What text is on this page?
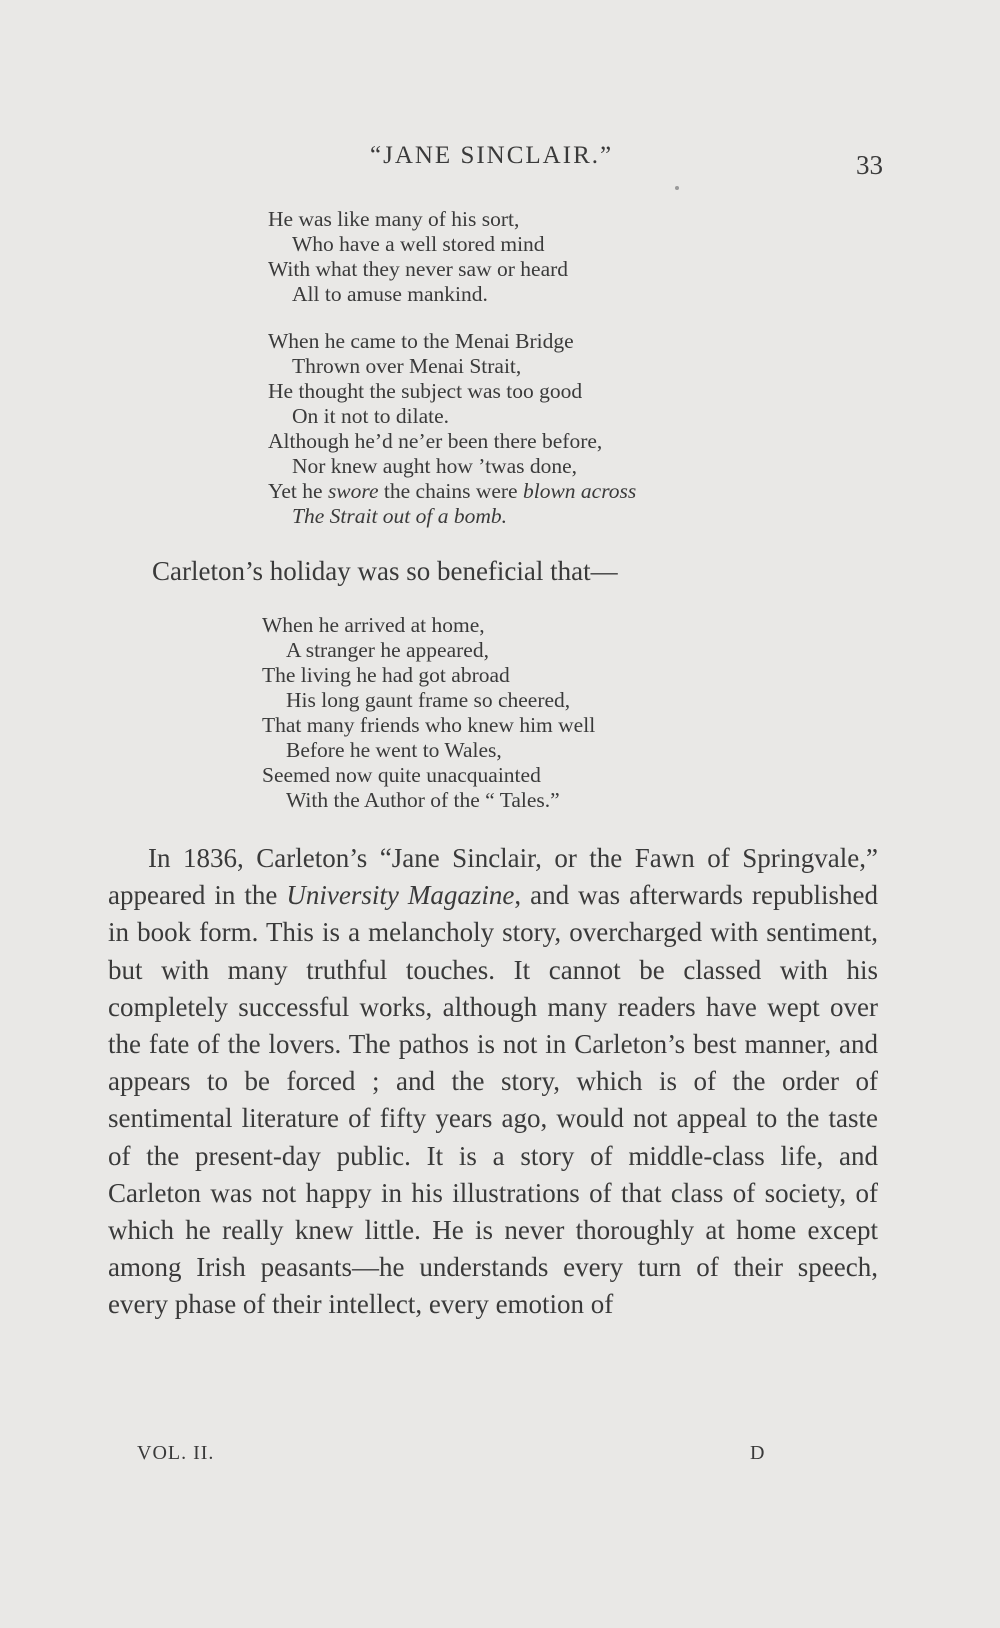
“JANE SINCLAIR.”	33
He was like many of his sort,
Who have a well stored mind
With what they never saw or heard
All to amuse mankind.
When he came to the Menai Bridge
Thrown over Menai Strait,
He thought the subject was too good
On it not to dilate.
Although he’d ne’er been there before,
Nor knew aught how ’twas done,
Yet he swore the chains were blown across
The Strait out of a bomb.
Carleton’s holiday was so beneficial that—
When he arrived at home,
A stranger he appeared,
The living he had got abroad
His long gaunt frame so cheered,
That many friends who knew him well
Before he went to Wales,
Seemed now quite unacquainted
With the Author of the “ Tales.”

In 1836, Carleton’s “Jane Sinclair, or the Fawn of Springvale,” appeared in the University Magazine, and was afterwards republished in book form. This is a melancholy story, overcharged with sentiment, but with many truthful touches. It cannot be classed with his completely successful works, although many readers have wept over the fate of the lovers. The pathos is not in Carleton’s best manner, and appears to be forced ; and the story, which is of the order of sentimental literature of fifty years ago, would not appeal to the taste of the present-day public. It is a story of middle-class life, and Carleton was not happy in his illustrations of that class of society, of which he really knew little. He is never thoroughly at home except among Irish peasants—he understands every turn of their speech, every phase of their intellect, every emotion of

VOL. II.	D
